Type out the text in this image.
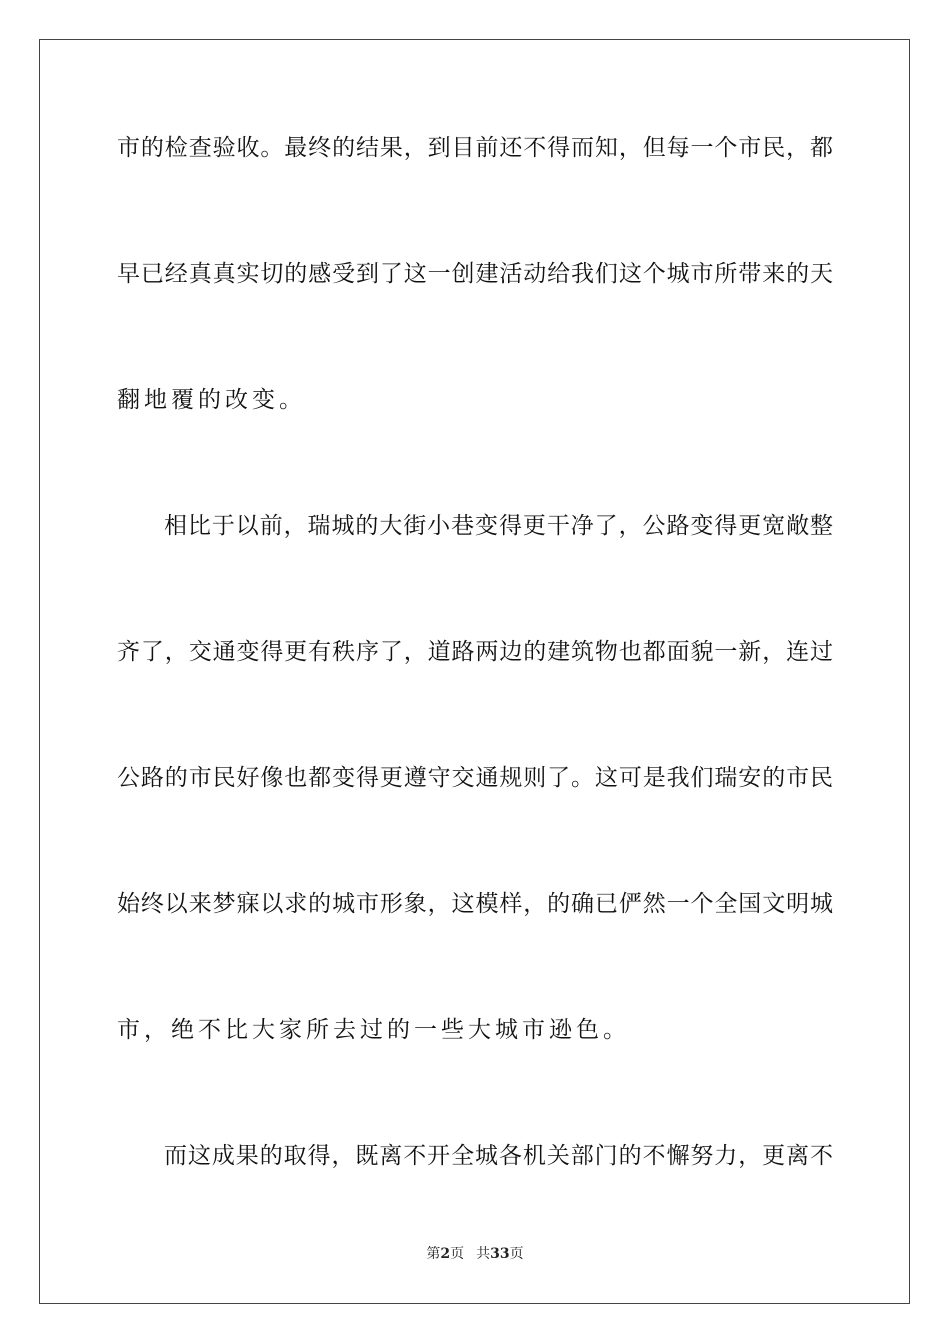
市的检查验收。最终的结果，到目前还不得而知，但每一个市民，都
早已经真真实切的感受到了这一创建活动给我们这个城市所带来的天
翻地覆的改变。
相比于以前，瑞城的大街小巷变得更干净了，公路变得更宽敞整
齐了，交通变得更有秩序了，道路两边的建筑物也都面貌一新，连过
公路的市民好像也都变得更遵守交通规则了。这可是我们瑞安的市民
始终以来梦寐以求的城市形象，这模样，的确已俨然一个全国文明城
市，绝不比大家所去过的一些大城市逊色。
而这成果的取得，既离不开全城各机关部门的不懈努力，更离不
第2页 共33页
